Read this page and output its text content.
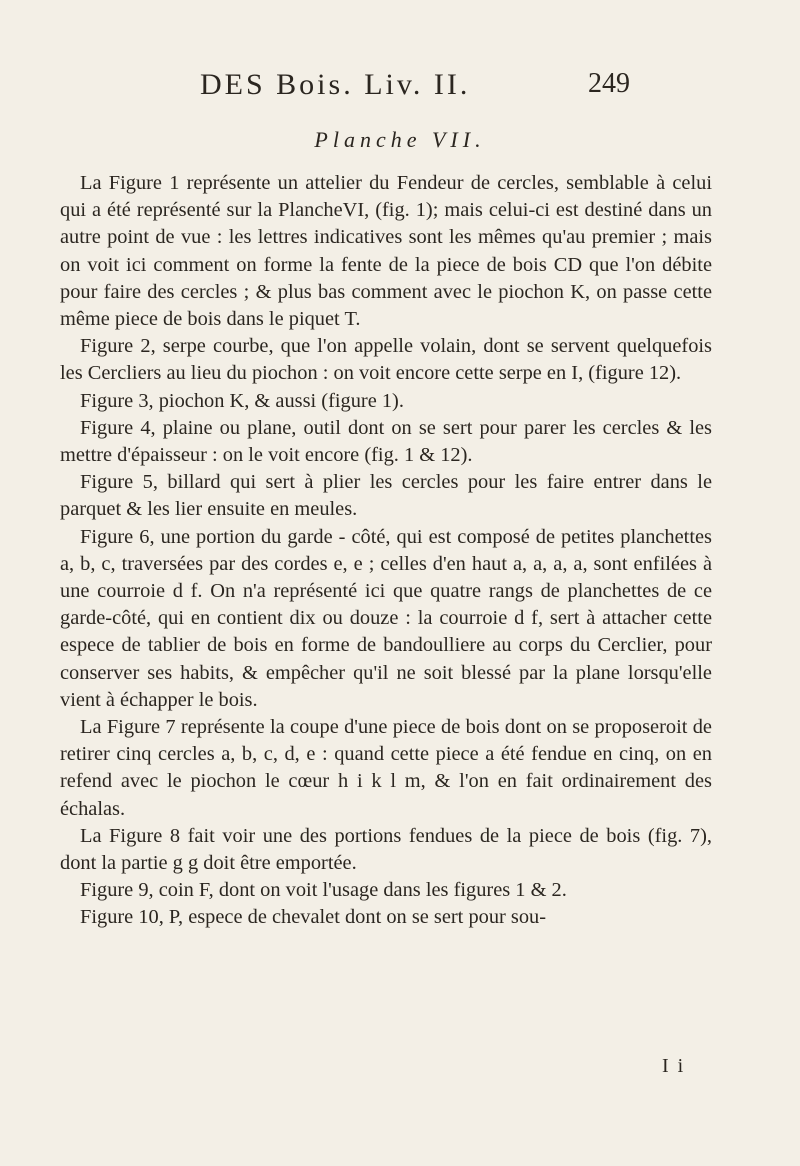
DES Bois. Liv. II.	249
Planche VII.

La Figure 1 représente un attelier du Fendeur de cercles, semblable à celui qui a été représenté sur la PlancheVI, (fig. 1); mais celui-ci est destiné dans un autre point de vue : les lettres indicatives sont les mêmes qu'au premier ; mais on voit ici comment on forme la fente de la piece de bois CD que l'on débite pour faire des cercles ; & plus bas comment avec le piochon K, on passe cette même piece de bois dans le piquet T.

Figure 2, serpe courbe, que l'on appelle volain, dont se servent quelquefois les Cercliers au lieu du piochon : on voit encore cette serpe en I, (figure 12).

Figure 3, piochon K, & aussi (figure 1).

Figure 4, plaine ou plane, outil dont on se sert pour parer les cercles & les mettre d'épaisseur : on le voit encore (fig. 1 & 12).

Figure 5, billard qui sert à plier les cercles pour les faire entrer dans le parquet & les lier ensuite en meules.

Figure 6, une portion du garde - côté, qui est composé de petites planchettes a, b, c, traversées par des cordes e, e ; celles d'en haut a, a, a, a, sont enfilées à une courroie d f. On n'a représenté ici que quatre rangs de planchettes de ce garde-côté, qui en contient dix ou douze : la courroie d f, sert à attacher cette espece de tablier de bois en forme de bandoulliere au corps du Cerclier, pour conserver ses habits, & empêcher qu'il ne soit blessé par la plane lorsqu'elle vient à échapper le bois.

La Figure 7 représente la coupe d'une piece de bois dont on se proposeroit de retirer cinq cercles a, b, c, d, e : quand cette piece a été fendue en cinq, on en refend avec le piochon le cœur h i k l m, & l'on en fait ordinairement des échalas.

La Figure 8 fait voir une des portions fendues de la piece de bois (fig. 7), dont la partie g g doit être emportée.

Figure 9, coin F, dont on voit l'usage dans les figures 1 & 2.

Figure 10, P, espece de chevalet dont on se sert pour sou-

I i
